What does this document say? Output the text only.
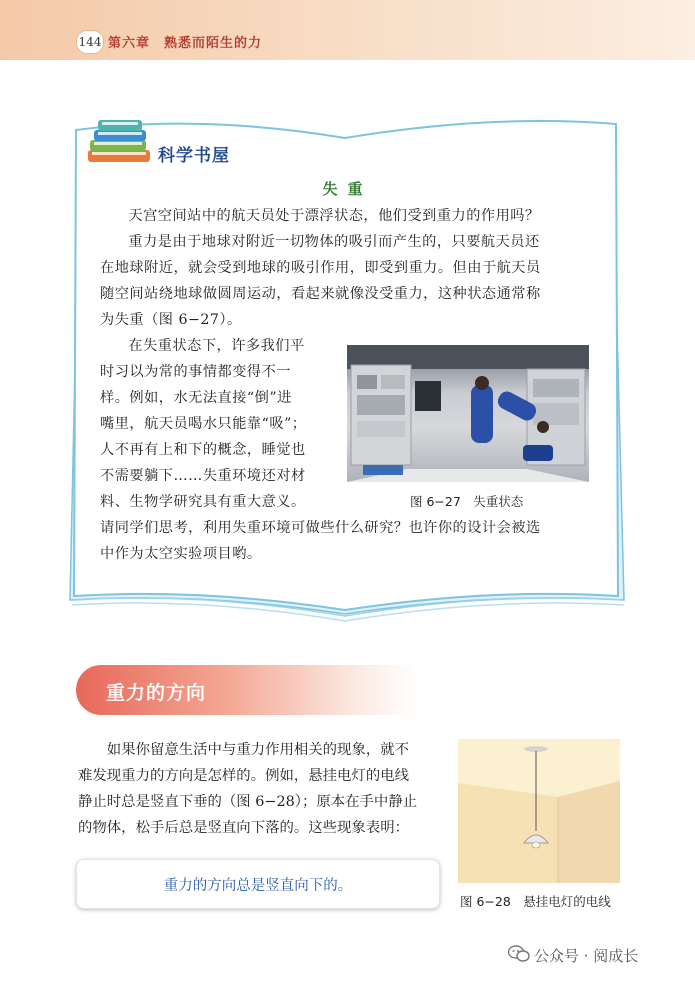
144 第六章 熟悉而陌生的力
科学书屋
失重

天宫空间站中的航天员处于漂浮状态，他们受到重力的作用吗？

重力是由于地球对附近一切物体的吸引而产生的，只要航天员还

在地球附近，就会受到地球的吸引作用，即受到重力。但由于航天员

随空间站绕地球做圆周运动，看起来就像没受重力，这种状态通常称

为失重（图 6−27）。

在失重状态下，许多我们平

时习以为常的事情都变得不一

样。例如，水无法直接“倒”进

嘴里，航天员喝水只能靠“吸”；

人不再有上和下的概念，睡觉也

不需要躺下……失重环境还对材

料、生物学研究具有重大意义。

请同学们思考，利用失重环境可做些什么研究？也许你的设计会被选

中作为太空实验项目哟。

图 6−27　失重状态
重力的方向

如果你留意生活中与重力作用相关的现象，就不

难发现重力的方向是怎样的。例如，悬挂电灯的电线

静止时总是竖直下垂的（图 6−28）；原本在手中静止

的物体，松手后总是竖直向下落的。这些现象表明：

图 6−28　悬挂电灯的电线
重力的方向总是竖直向下的。
公众号 · 阅成长
